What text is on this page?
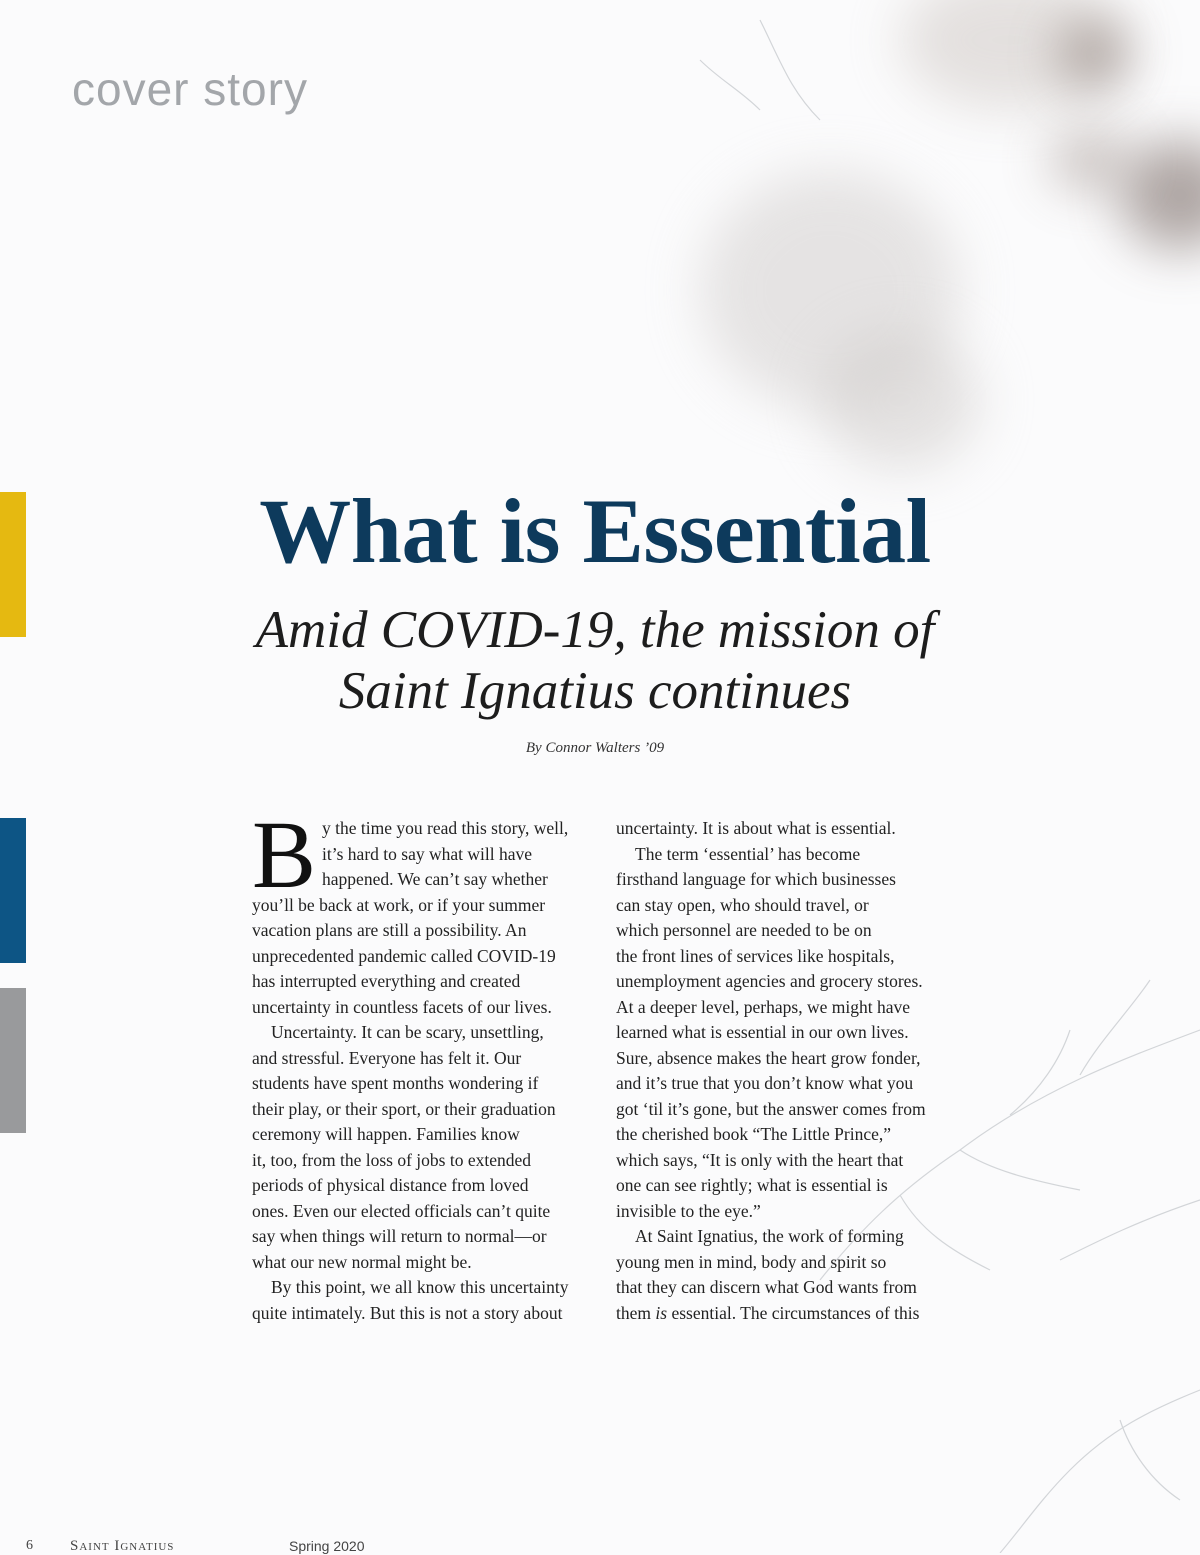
cover story
What is Essential
Amid COVID-19, the mission of
Saint Ignatius continues
By Connor Walters ’09
B y the time you read this story, well,

it’s hard to say what will have

happened. We can’t say whether

you’ll be back at work, or if your summer

vacation plans are still a possibility. An

unprecedented pandemic called COVID-19

has interrupted everything and created

uncertainty in countless facets of our lives.

Uncertainty. It can be scary, unsettling,

and stressful. Everyone has felt it. Our

students have spent months wondering if

their play, or their sport, or their graduation

ceremony will happen. Families know

it, too, from the loss of jobs to extended

periods of physical distance from loved

ones. Even our elected officials can’t quite

say when things will return to normal—or

what our new normal might be.

By this point, we all know this uncertainty

quite intimately. But this is not a story about

uncertainty. It is about what is essential.

The term ‘essential’ has become

firsthand language for which businesses

can stay open, who should travel, or

which personnel are needed to be on

the front lines of services like hospitals,

unemployment agencies and grocery stores.

At a deeper level, perhaps, we might have

learned what is essential in our own lives.

Sure, absence makes the heart grow fonder,

and it’s true that you don’t know what you

got ‘til it’s gone, but the answer comes from

the cherished book “The Little Prince,”

which says, “It is only with the heart that

one can see rightly; what is essential is

invisible to the eye.”

At Saint Ignatius, the work of forming

young men in mind, body and spirit so

that they can discern what God wants from

them is essential. The circumstances of this

6 Saint Ignatius	Spring 2020
